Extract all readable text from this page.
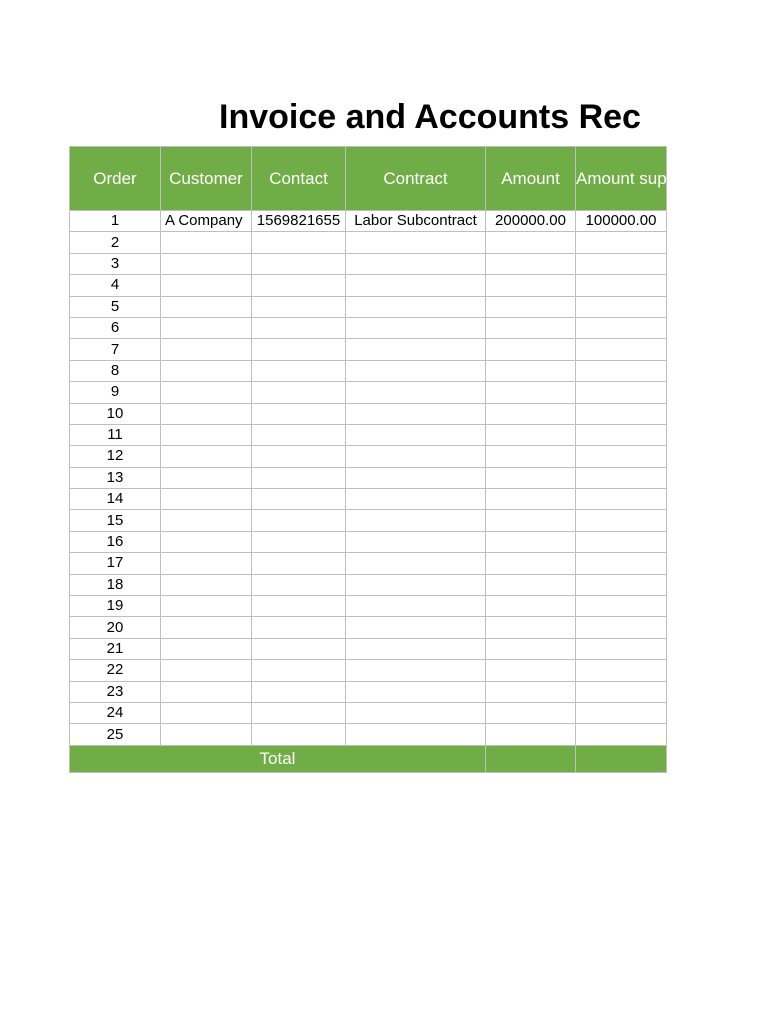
Invoice and Accounts Rec
Order	Customer	Contact	Contract	Amount	Amount supplied
1	A Company	1569821655	Labor Subcontract	200000.00	100000.00
2					
3					
4					
5					
6					
7					
8					
9					
10					
11					
12					
13					
14					
15					
16					
17					
18					
19					
20					
21					
22					
23					
24					
25					
Total					
